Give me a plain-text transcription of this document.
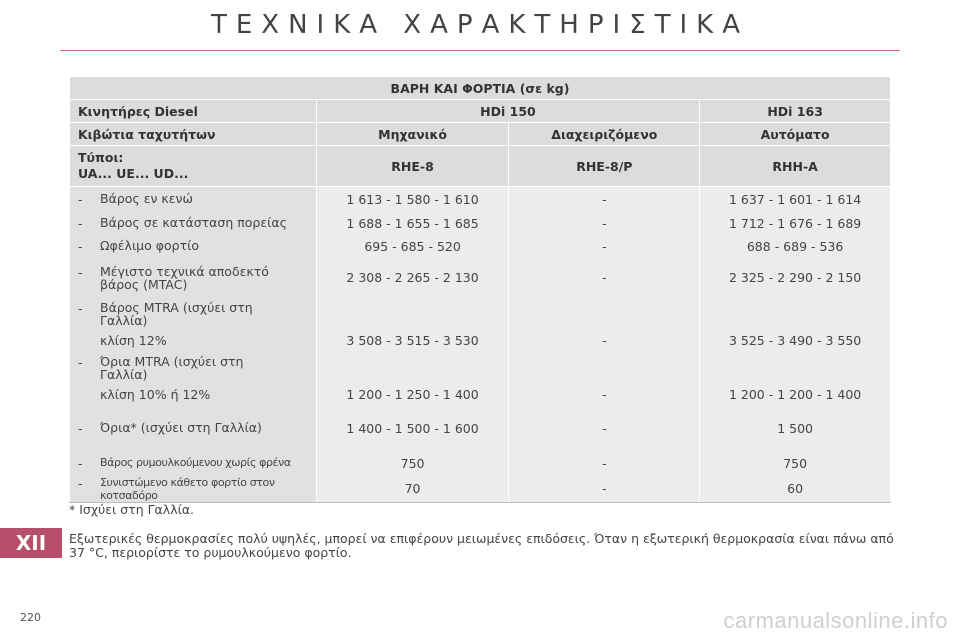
ΤΕΧΝΙΚΑ ΧΑΡΑΚΤΗΡΙΣΤΙΚΑ
ΒΑΡΗ ΚΑΙ ΦΟΡΤΙΑ (σε kg)			
Κινητήρες Diesel	HDi 150		HDi 163
Κιβώτια ταχυτήτων	Μηχανικό	Διαχειριζόμενο	Αυτόματο

Τύποι:
UA... UE... UD...	RHE-8	RHE-8/P	RHH-A

- Βάρος εν κενώ	1 613 - 1 580 - 1 610	-	1 637 - 1 601 - 1 614

- Βάρος σε κατάσταση πορείας	1 688 - 1 655 - 1 685	-	1 712 - 1 676 - 1 689

- Ωφέλιμο φορτίο	695 - 685 - 520	-	688 - 689 - 536

- Μέγιστο τεχνικά αποδεκτό
βάρος (MTAC)	2 308 - 2 265 - 2 130	-	2 325 - 2 290 - 2 150

- Βάρος MTRA (ισχύει στη
Γαλλία)			

κλίση 12%	3 508 - 3 515 - 3 530	-	3 525 - 3 490 - 3 550

- Όρια MTRA (ισχύει στη
Γαλλία)			

κλίση 10% ή 12%	1 200 - 1 250 - 1 400	-	1 200 - 1 200 - 1 400

- Όρια* (ισχύει στη Γαλλία)	1 400 - 1 500 - 1 600	-	1 500

- Βάρος ρυμουλκούμενου χωρίς φρένα	750	-	750

- Συνιστώμενο κάθετο φορτίο στον κοτσαδόρο	70	-	60
* Ισχύει στη Γαλλία.
XII	Εξωτερικές θερμοκρασίες πολύ υψηλές, μπορεί να επιφέρουν μειωμένες επιδόσεις. Όταν η εξωτερική θερμοκρασία είναι πάνω από 37 °C, περιορίστε το ρυμουλκούμενο φορτίο.
220	carmanualsonline.info
